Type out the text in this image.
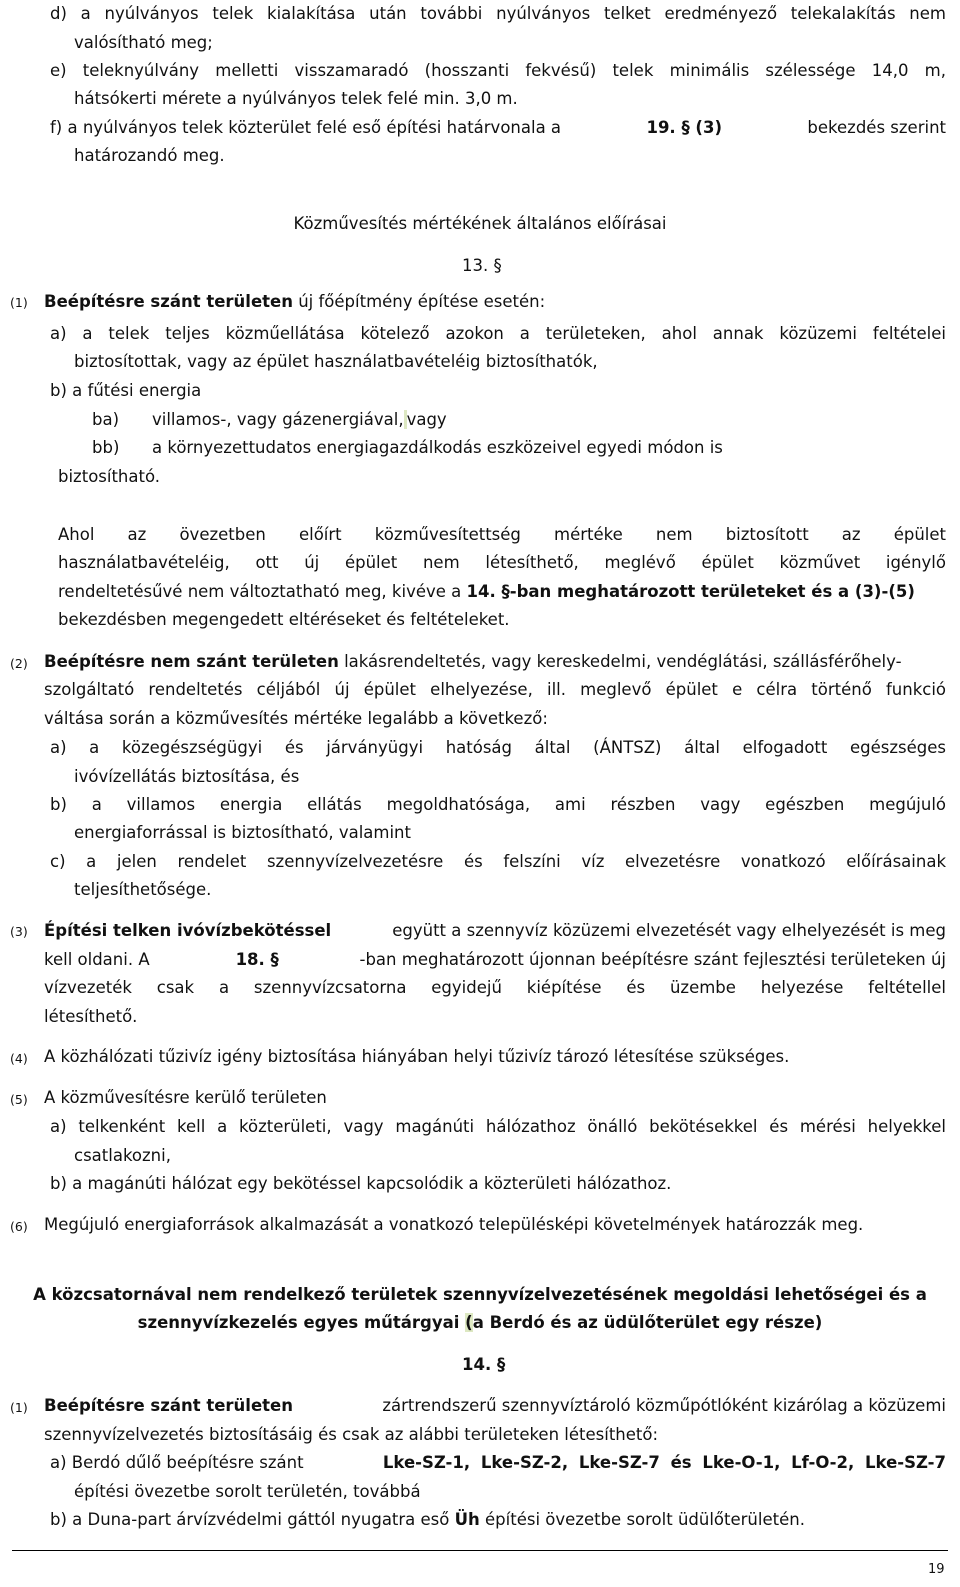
d) a nyúlványos telek kialakítása után további nyúlványos telket eredményező telekalakítás nem
valósítható meg;
e) teleknyúlvány melletti visszamaradó (hosszanti fekvésű) telek minimális szélessége 14,0 m,
hátsókerti mérete a nyúlványos telek felé min. 3,0 m.
f) a nyúlványos telek közterület felé eső építési határvonala a	19. § (3)	bekezdés szerint
határozandó meg.
Közművesítés mértékének általános előírásai
13. §
(1) Beépítésre szánt területen új főépítmény építése esetén:
a) a telek teljes közműellátása kötelező azokon a területeken, ahol annak közüzemi feltételei
biztosítottak, vagy az épület használatbavételéig biztosíthatók,
b) a fűtési energia
ba) villamos-, vagy gázenergiával, vagy
bb) a környezettudatos energiagazdálkodás eszközeivel egyedi módon is
biztosítható.
Ahol az övezetben előírt közművesítettség mértéke nem biztosított az épület
használatbavételéig, ott új épület nem létesíthető, meglévő épület közművet igénylő
rendeltetésűvé nem változtatható meg, kivéve a 14. §-ban meghatározott területeket és a (3)-(5)
bekezdésben megengedett eltéréseket és feltételeket.
(2) Beépítésre nem szánt területen lakásrendeltetés, vagy kereskedelmi, vendéglátási, szállásférőhely-
szolgáltató rendeltetés céljából új épület elhelyezése, ill. meglevő épület e célra történő funkció
váltása során a közművesítés mértéke legalább a következő:
a) a közegészségügyi és járványügyi hatóság által (ÁNTSZ) által elfogadott egészséges
ivóvízellátás biztosítása, és
b) a villamos energia ellátás megoldhatósága, ami részben vagy egészben megújuló
energiaforrással is biztosítható, valamint
c) a jelen rendelet szennyvízelvezetésre és felszíni víz elvezetésre vonatkozó előírásainak
teljesíthetősége.
(3) Építési telken ivóvízbekötéssel	együtt a szennyvíz közüzemi elvezetését vagy elhelyezését is meg
kell oldani. A	18. §	-ban meghatározott újonnan beépítésre szánt fejlesztési területeken új
vízvezeték csak a szennyvízcsatorna egyidejű kiépítése és üzembe helyezése feltétellel
létesíthető.
(4) A közhálózati tűzivíz igény biztosítása hiányában helyi tűzivíz tározó létesítése szükséges.
(5) A közművesítésre kerülő területen
a) telkenként kell a közterületi, vagy magánúti hálózathoz önálló bekötésekkel és mérési helyekkel
csatlakozni,
b) a magánúti hálózat egy bekötéssel kapcsolódik a közterületi hálózathoz.
(6) Megújuló energiaforrások alkalmazását a vonatkozó településképi követelmények határozzák meg.
A közcsatornával nem rendelkező területek szennyvízelvezetésének megoldási lehetőségei és a
szennyvízkezelés egyes műtárgyai (a Berdó és az üdülőterület egy része)
14. §
(1) Beépítésre szánt területen	zártrendszerű szennyvíztároló közműpótlóként kizárólag a közüzemi
szennyvízelvezetés biztosításáig és csak az alábbi területeken létesíthető:
a) Berdó dűlő beépítésre szánt	Lke-SZ-1, Lke-SZ-2, Lke-SZ-7 és Lke-O-1, Lf-O-2, Lke-SZ-7
építési övezetbe sorolt területén, továbbá
b) a Duna-part árvízvédelmi gáttól nyugatra eső Üh építési övezetbe sorolt üdülőterületén.
19
